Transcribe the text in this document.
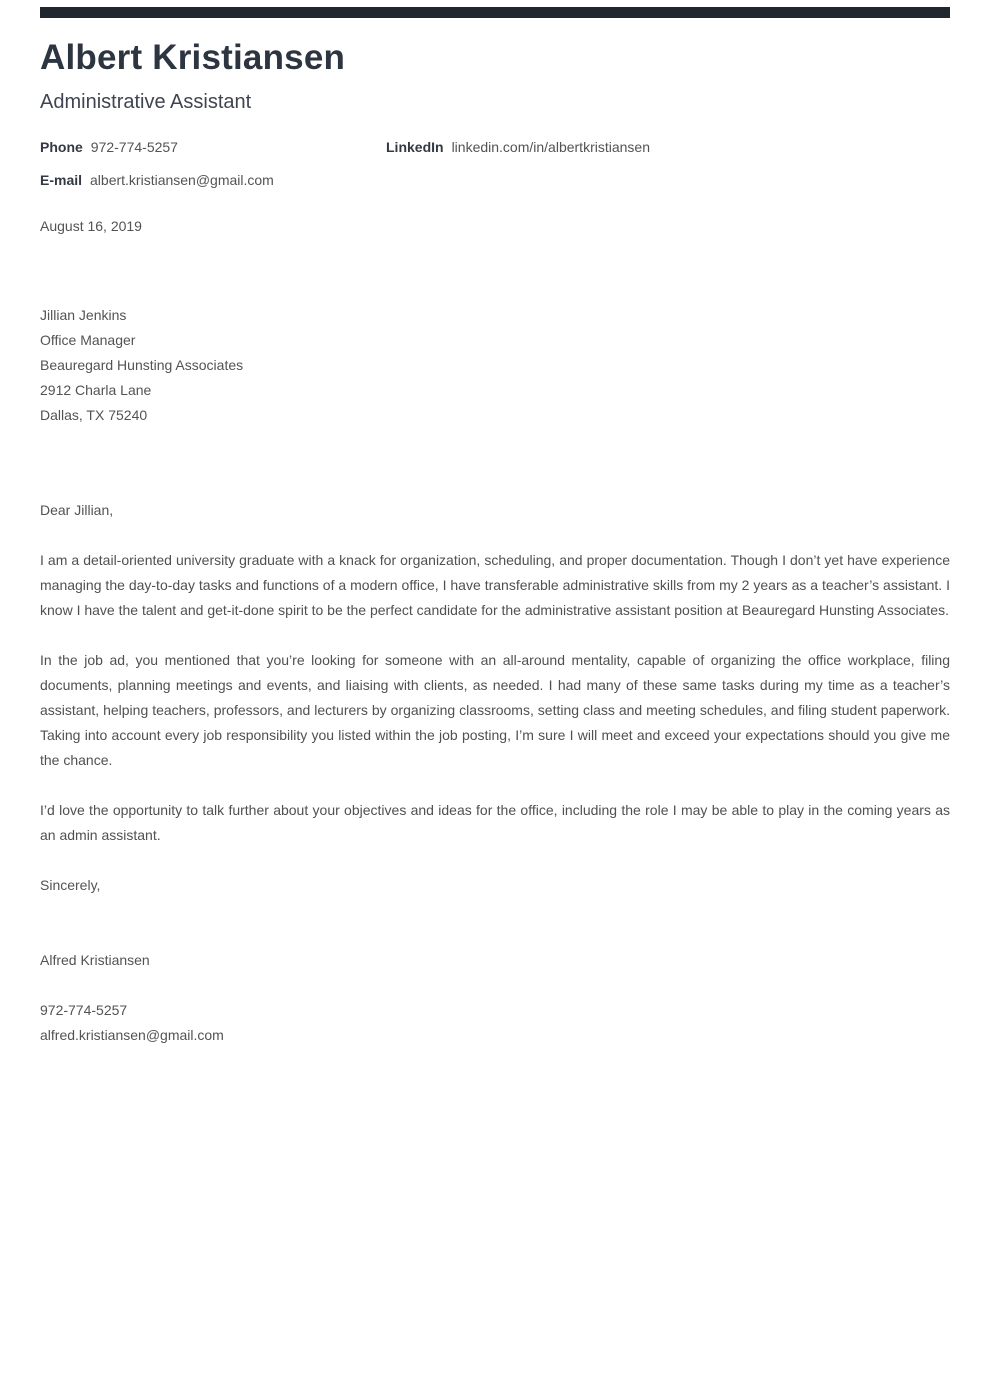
Albert Kristiansen
Administrative Assistant
Phone 972-774-5257	LinkedIn linkedin.com/in/albertkristiansen
E-mail albert.kristiansen@gmail.com
August 16, 2019
Jillian Jenkins
Office Manager
Beauregard Hunsting Associates
2912 Charla Lane
Dallas, TX 75240
Dear Jillian,
I am a detail-oriented university graduate with a knack for organization, scheduling, and proper documentation. Though I don’t yet have experience managing the day-to-day tasks and functions of a modern office, I have transferable administrative skills from my 2 years as a teacher’s assistant. I know I have the talent and get-it-done spirit to be the perfect candidate for the administrative assistant position at Beauregard Hunsting Associates.
In the job ad, you mentioned that you’re looking for someone with an all-around mentality, capable of organizing the office workplace, filing documents, planning meetings and events, and liaising with clients, as needed. I had many of these same tasks during my time as a teacher’s assistant, helping teachers, professors, and lecturers by organizing classrooms, setting class and meeting schedules, and filing student paperwork. Taking into account every job responsibility you listed within the job posting, I’m sure I will meet and exceed your expectations should you give me the chance.
I’d love the opportunity to talk further about your objectives and ideas for the office, including the role I may be able to play in the coming years as an admin assistant.
Sincerely,
Alfred Kristiansen
972-774-5257
alfred.kristiansen@gmail.com
